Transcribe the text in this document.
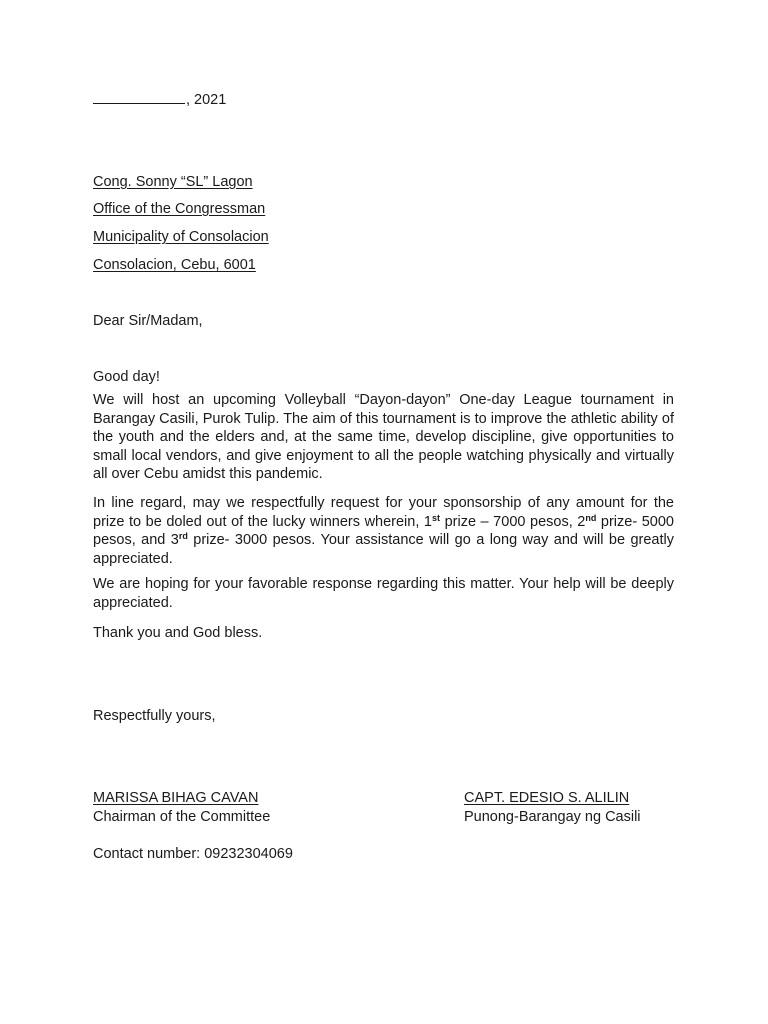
, 2021
Cong. Sonny “SL” Lagon
Office of the Congressman
Municipality of Consolacion
Consolacion, Cebu, 6001
Dear Sir/Madam,
Good day!
We will host an upcoming Volleyball “Dayon-dayon” One-day League tournament in Barangay Casili, Purok Tulip. The aim of this tournament is to improve the athletic ability of the youth and the elders and, at the same time, develop discipline, give opportunities to small local vendors, and give enjoyment to all the people watching physically and virtually all over Cebu amidst this pandemic.
In line regard, may we respectfully request for your sponsorship of any amount for the prize to be doled out of the lucky winners wherein, 1st prize – 7000 pesos, 2nd prize- 5000 pesos, and 3rd prize- 3000 pesos. Your assistance will go a long way and will be greatly appreciated.
We are hoping for your favorable response regarding this matter. Your help will be deeply appreciated.
Thank you and God bless.
Respectfully yours,
MARISSA BIHAG CAVAN
Chairman of the Committee
CAPT. EDESIO S. ALILIN
Punong-Barangay ng Casili
Contact number: 09232304069
